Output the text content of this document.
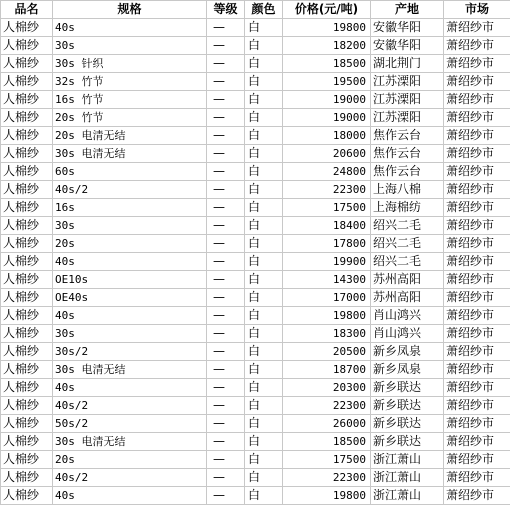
品名	规格	等级	颜色	价格(元/吨)	产地	市场
人棉纱	40s	—	白	19800	安徽华阳	萧绍纱市
人棉纱	30s	—	白	18200	安徽华阳	萧绍纱市
人棉纱	30s 针织	—	白	18500	湖北荆门	萧绍纱市
人棉纱	32s 竹节	—	白	19500	江苏溧阳	萧绍纱市
人棉纱	16s 竹节	—	白	19000	江苏溧阳	萧绍纱市
人棉纱	20s 竹节	—	白	19000	江苏溧阳	萧绍纱市
人棉纱	20s 电清无结	—	白	18000	焦作云台	萧绍纱市
人棉纱	30s 电清无结	—	白	20600	焦作云台	萧绍纱市
人棉纱	60s	—	白	24800	焦作云台	萧绍纱市
人棉纱	40s/2	—	白	22300	上海八棉	萧绍纱市
人棉纱	16s	—	白	17500	上海棉纺	萧绍纱市
人棉纱	30s	—	白	18400	绍兴二毛	萧绍纱市
人棉纱	20s	—	白	17800	绍兴二毛	萧绍纱市
人棉纱	40s	—	白	19900	绍兴二毛	萧绍纱市
人棉纱	OE10s	—	白	14300	苏州高阳	萧绍纱市
人棉纱	OE40s	—	白	17000	苏州高阳	萧绍纱市
人棉纱	40s	—	白	19800	肖山鸿兴	萧绍纱市
人棉纱	30s	—	白	18300	肖山鸿兴	萧绍纱市
人棉纱	30s/2	—	白	20500	新乡凤泉	萧绍纱市
人棉纱	30s 电清无结	—	白	18700	新乡凤泉	萧绍纱市
人棉纱	40s	—	白	20300	新乡联达	萧绍纱市
人棉纱	40s/2	—	白	22300	新乡联达	萧绍纱市
人棉纱	50s/2	—	白	26000	新乡联达	萧绍纱市
人棉纱	30s 电清无结	—	白	18500	新乡联达	萧绍纱市
人棉纱	20s	—	白	17500	浙江萧山	萧绍纱市
人棉纱	40s/2	—	白	22300	浙江萧山	萧绍纱市
人棉纱	40s	—	白	19800	浙江萧山	萧绍纱市
